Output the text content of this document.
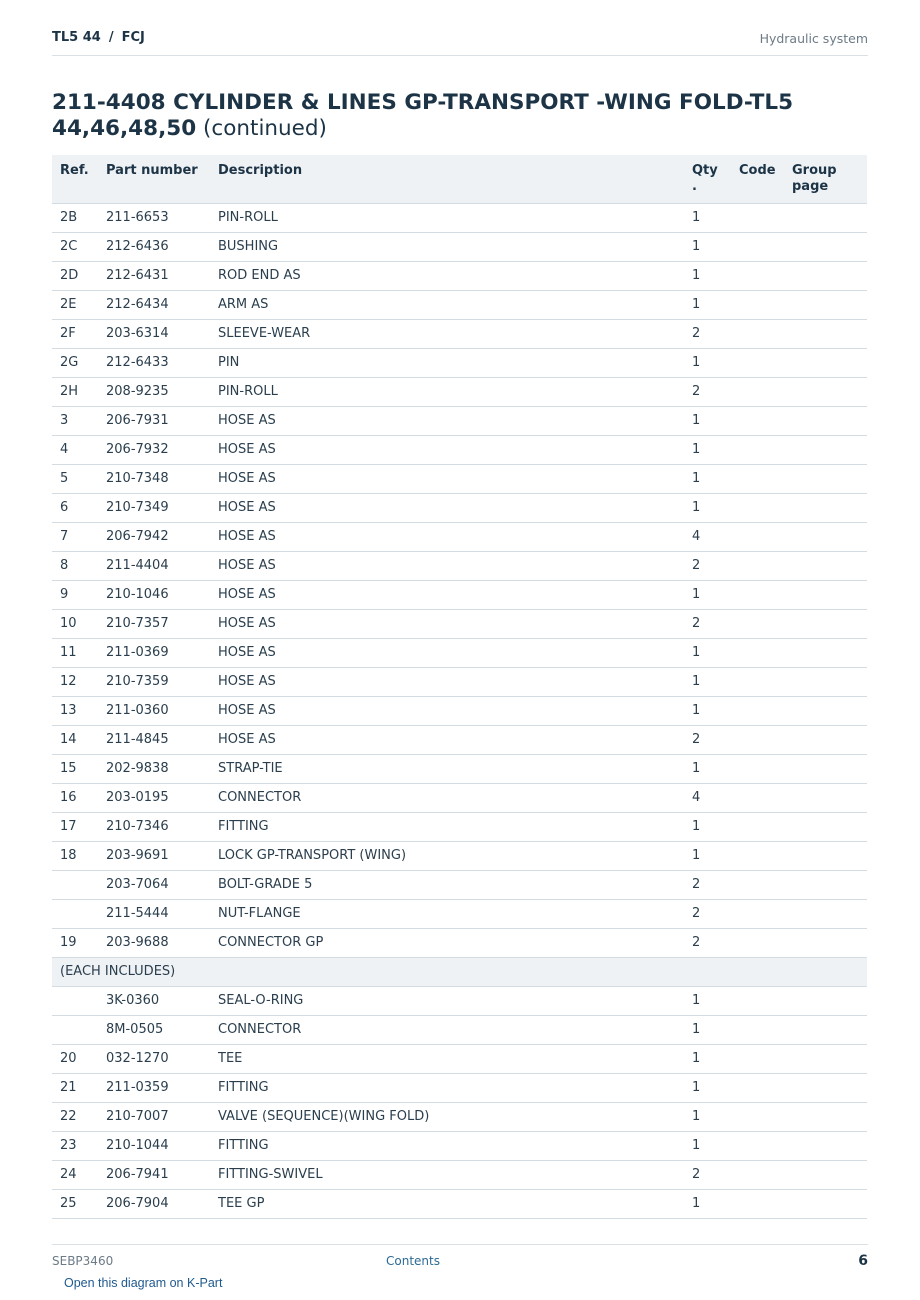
TL5 44 / FCJ	Hydraulic system
211-4408 CYLINDER & LINES GP-TRANSPORT -WING FOLD-TL5 44,46,48,50 (continued)
Ref.	Part number	Description	Qty .	Code	Group page
2B	211-6653	PIN-ROLL	1		
2C	212-6436	BUSHING	1		
2D	212-6431	ROD END AS	1		
2E	212-6434	ARM AS	1		
2F	203-6314	SLEEVE-WEAR	2		
2G	212-6433	PIN	1		
2H	208-9235	PIN-ROLL	2		
3	206-7931	HOSE AS	1		
4	206-7932	HOSE AS	1		
5	210-7348	HOSE AS	1		
6	210-7349	HOSE AS	1		
7	206-7942	HOSE AS	4		
8	211-4404	HOSE AS	2		
9	210-1046	HOSE AS	1		
10	210-7357	HOSE AS	2		
11	211-0369	HOSE AS	1		
12	210-7359	HOSE AS	1		
13	211-0360	HOSE AS	1		
14	211-4845	HOSE AS	2		
15	202-9838	STRAP-TIE	1		
16	203-0195	CONNECTOR	4		
17	210-7346	FITTING	1		
18	203-9691	LOCK GP-TRANSPORT (WING)	1		
	203-7064	BOLT-GRADE 5	2		
	211-5444	NUT-FLANGE	2		
19	203-9688	CONNECTOR GP	2		
(EACH INCLUDES)					
	3K-0360	SEAL-O-RING	1		
	8M-0505	CONNECTOR	1		
20	032-1270	TEE	1		
21	211-0359	FITTING	1		
22	210-7007	VALVE (SEQUENCE)(WING FOLD)	1		
23	210-1044	FITTING	1		
24	206-7941	FITTING-SWIVEL	2		
25	206-7904	TEE GP	1		
SEBP3460	Contents	6
Open this diagram on K-Part
